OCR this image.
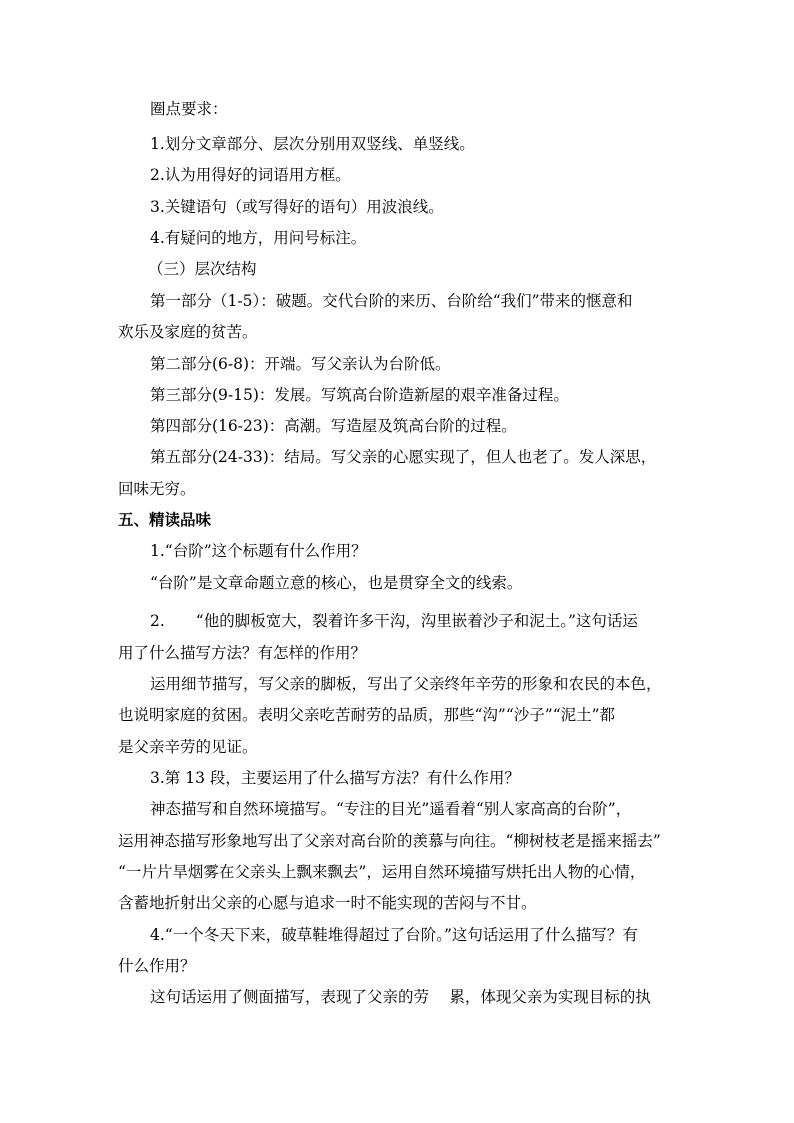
圈点要求：
1.划分文章部分、层次分别用双竖线、单竖线。
2.认为用得好的词语用方框。
3.关键语句（或写得好的语句）用波浪线。
4.有疑问的地方，用问号标注。
（三）层次结构
第一部分（1-5）：破题。交代台阶的来历、台阶给“我们”带来的惬意和
欢乐及家庭的贫苦。
第二部分(6-8)：开端。写父亲认为台阶低。
第三部分(9-15)：发展。写筑高台阶造新屋的艰辛准备过程。
第四部分(16-23)：高潮。写造屋及筑高台阶的过程。
第五部分(24-33)：结局。写父亲的心愿实现了，但人也老了。发人深思，
回味无穷。
五、精读品味
1.“台阶”这个标题有什么作用？
“台阶”是文章命题立意的核心，也是贯穿全文的线索。
2.　　“他的脚板宽大，裂着许多干沟，沟里嵌着沙子和泥土。”这句话运
用了什么描写方法？有怎样的作用？
运用细节描写，写父亲的脚板，写出了父亲终年辛劳的形象和农民的本色，
也说明家庭的贫困。表明父亲吃苦耐劳的品质，那些“沟”“沙子”“泥土”都
是父亲辛劳的见证。
3.第 13 段，主要运用了什么描写方法？有什么作用？
神态描写和自然环境描写。“专注的目光”遥看着“别人家高高的台阶”，
运用神态描写形象地写出了父亲对高台阶的羡慕与向往。“柳树枝老是摇来摇去”
“一片片旱烟雾在父亲头上飘来飘去”，运用自然环境描写烘托出人物的心情，
含蓄地折射出父亲的心愿与追求一时不能实现的苦闷与不甘。
4.“一个冬天下来，破草鞋堆得超过了台阶。”这句话运用了什么描写？有
什么作用？
这句话运用了侧面描写，表现了父亲的劳　 累，体现父亲为实现目标的执
